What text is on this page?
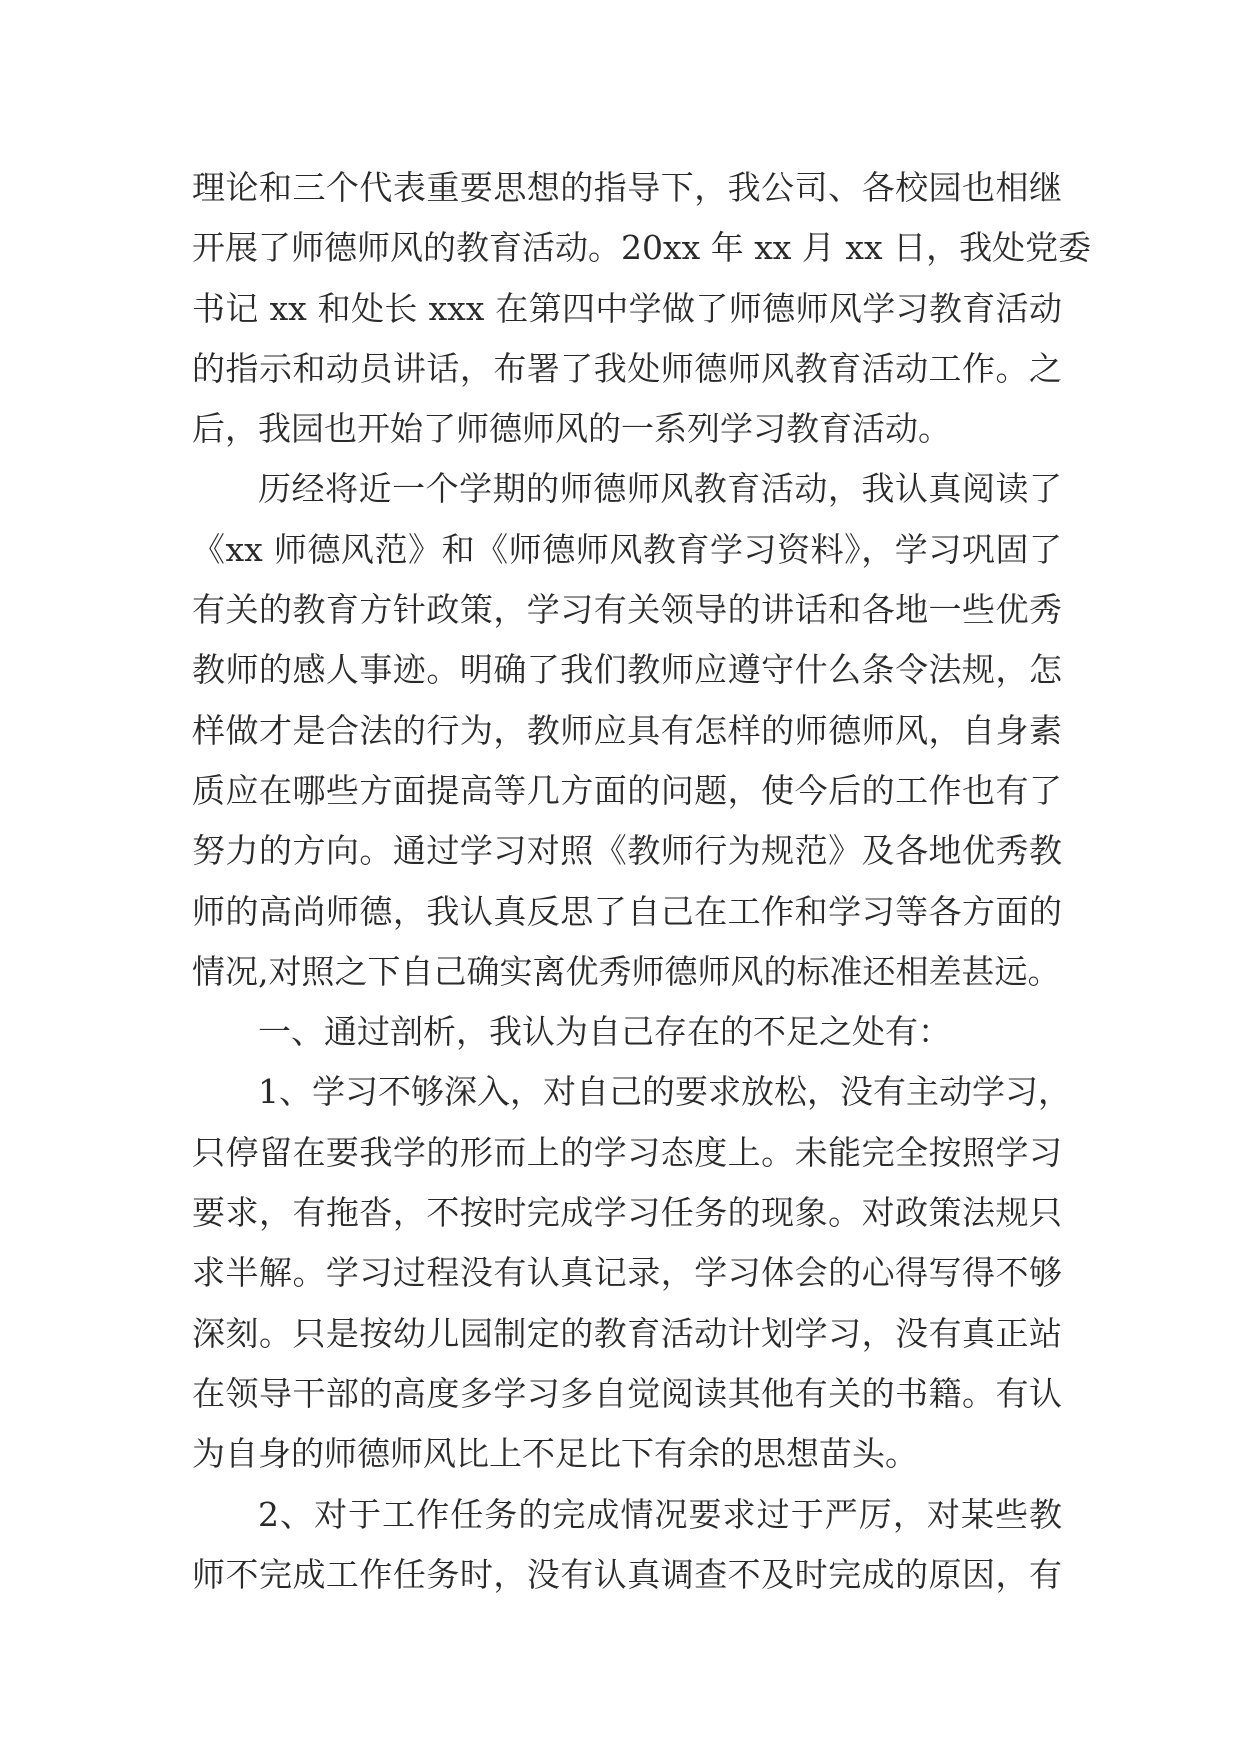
理论和三个代表重要思想的指导下，我公司、各校园也相继
开展了师德师风的教育活动。20xx 年 xx 月 xx 日，我处党委
书记 xx 和处长 xxx 在第四中学做了师德师风学习教育活动
的指示和动员讲话，布署了我处师德师风教育活动工作。之
后，我园也开始了师德师风的一系列学习教育活动。
历经将近一个学期的师德师风教育活动，我认真阅读了
《xx 师德风范》和《师德师风教育学习资料》，学习巩固了
有关的教育方针政策，学习有关领导的讲话和各地一些优秀
教师的感人事迹。明确了我们教师应遵守什么条令法规，怎
样做才是合法的行为，教师应具有怎样的师德师风，自身素
质应在哪些方面提高等几方面的问题，使今后的工作也有了
努力的方向。通过学习对照《教师行为规范》及各地优秀教
师的高尚师德，我认真反思了自己在工作和学习等各方面的
情况,对照之下自己确实离优秀师德师风的标准还相差甚远。
一、通过剖析，我认为自己存在的不足之处有：
1、学习不够深入，对自己的要求放松，没有主动学习，
只停留在要我学的形而上的学习态度上。未能完全按照学习
要求，有拖沓，不按时完成学习任务的现象。对政策法规只
求半解。学习过程没有认真记录，学习体会的心得写得不够
深刻。只是按幼儿园制定的教育活动计划学习，没有真正站
在领导干部的高度多学习多自觉阅读其他有关的书籍。有认
为自身的师德师风比上不足比下有余的思想苗头。
2、对于工作任务的完成情况要求过于严厉，对某些教
师不完成工作任务时，没有认真调查不及时完成的原因，有
